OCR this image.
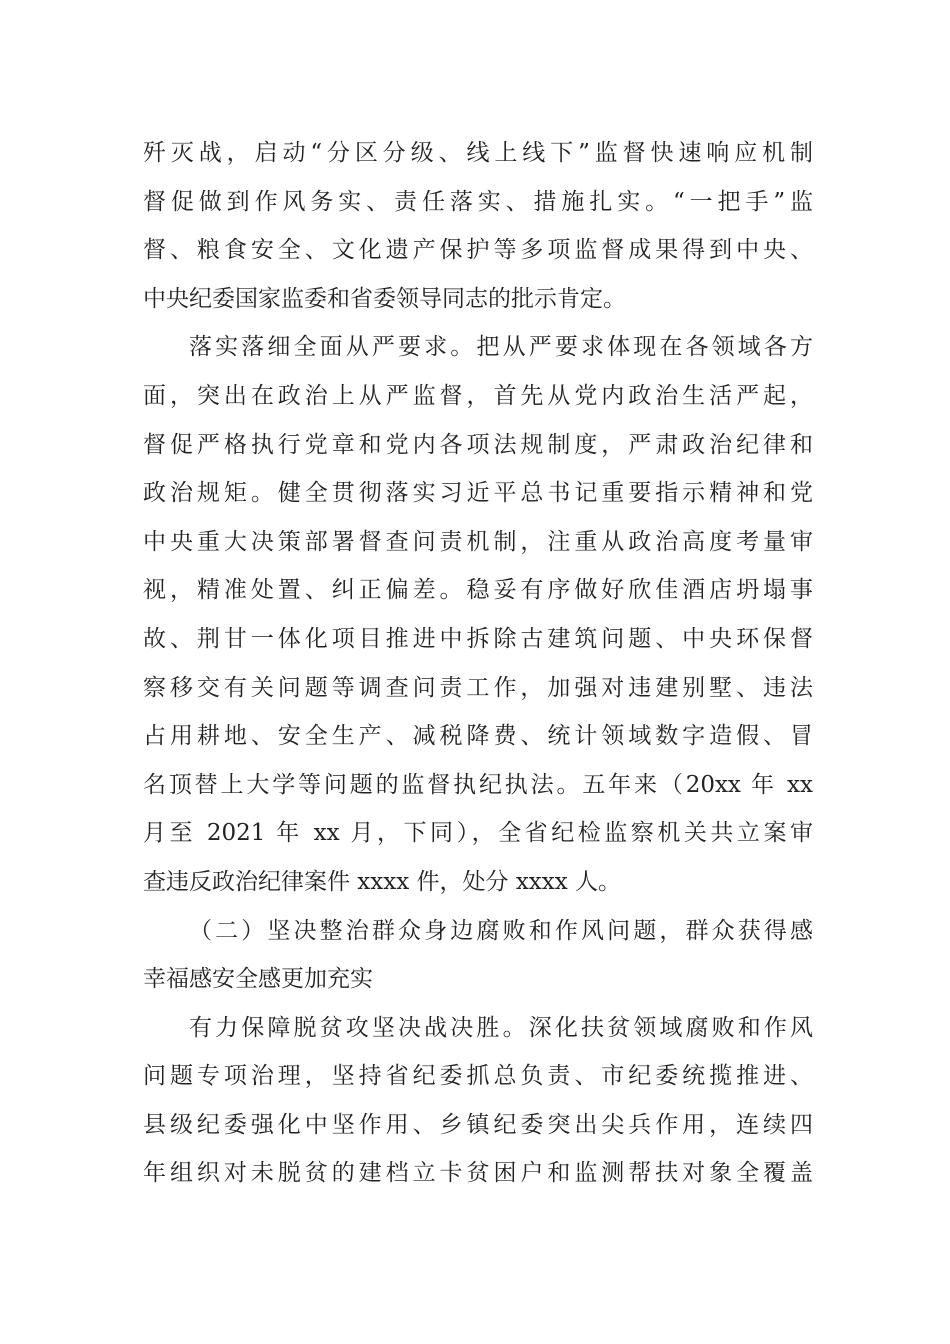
歼灭战，启动“分区分级、线上线下”监督快速响应机制
督促做到作风务实、责任落实、措施扎实。“一把手”监
督、粮食安全、文化遗产保护等多项监督成果得到中央、
中央纪委国家监委和省委领导同志的批示肯定。
落实落细全面从严要求。把从严要求体现在各领域各方
面，突出在政治上从严监督，首先从党内政治生活严起，
督促严格执行党章和党内各项法规制度，严肃政治纪律和
政治规矩。健全贯彻落实习近平总书记重要指示精神和党
中央重大决策部署督查问责机制，注重从政治高度考量审
视，精准处置、纠正偏差。稳妥有序做好欣佳酒店坍塌事
故、荆甘一体化项目推进中拆除古建筑问题、中央环保督
察移交有关问题等调查问责工作，加强对违建别墅、违法
占用耕地、安全生产、减税降费、统计领域数字造假、冒
名顶替上大学等问题的监督执纪执法。五年来（20xx 年 xx
月至 2021 年 xx 月，下同），全省纪检监察机关共立案审
查违反政治纪律案件 xxxx 件，处分 xxxx 人。
（二）坚决整治群众身边腐败和作风问题，群众获得感
幸福感安全感更加充实
有力保障脱贫攻坚决战决胜。深化扶贫领域腐败和作风
问题专项治理，坚持省纪委抓总负责、市纪委统揽推进、
县级纪委强化中坚作用、乡镇纪委突出尖兵作用，连续四
年组织对未脱贫的建档立卡贫困户和监测帮扶对象全覆盖
